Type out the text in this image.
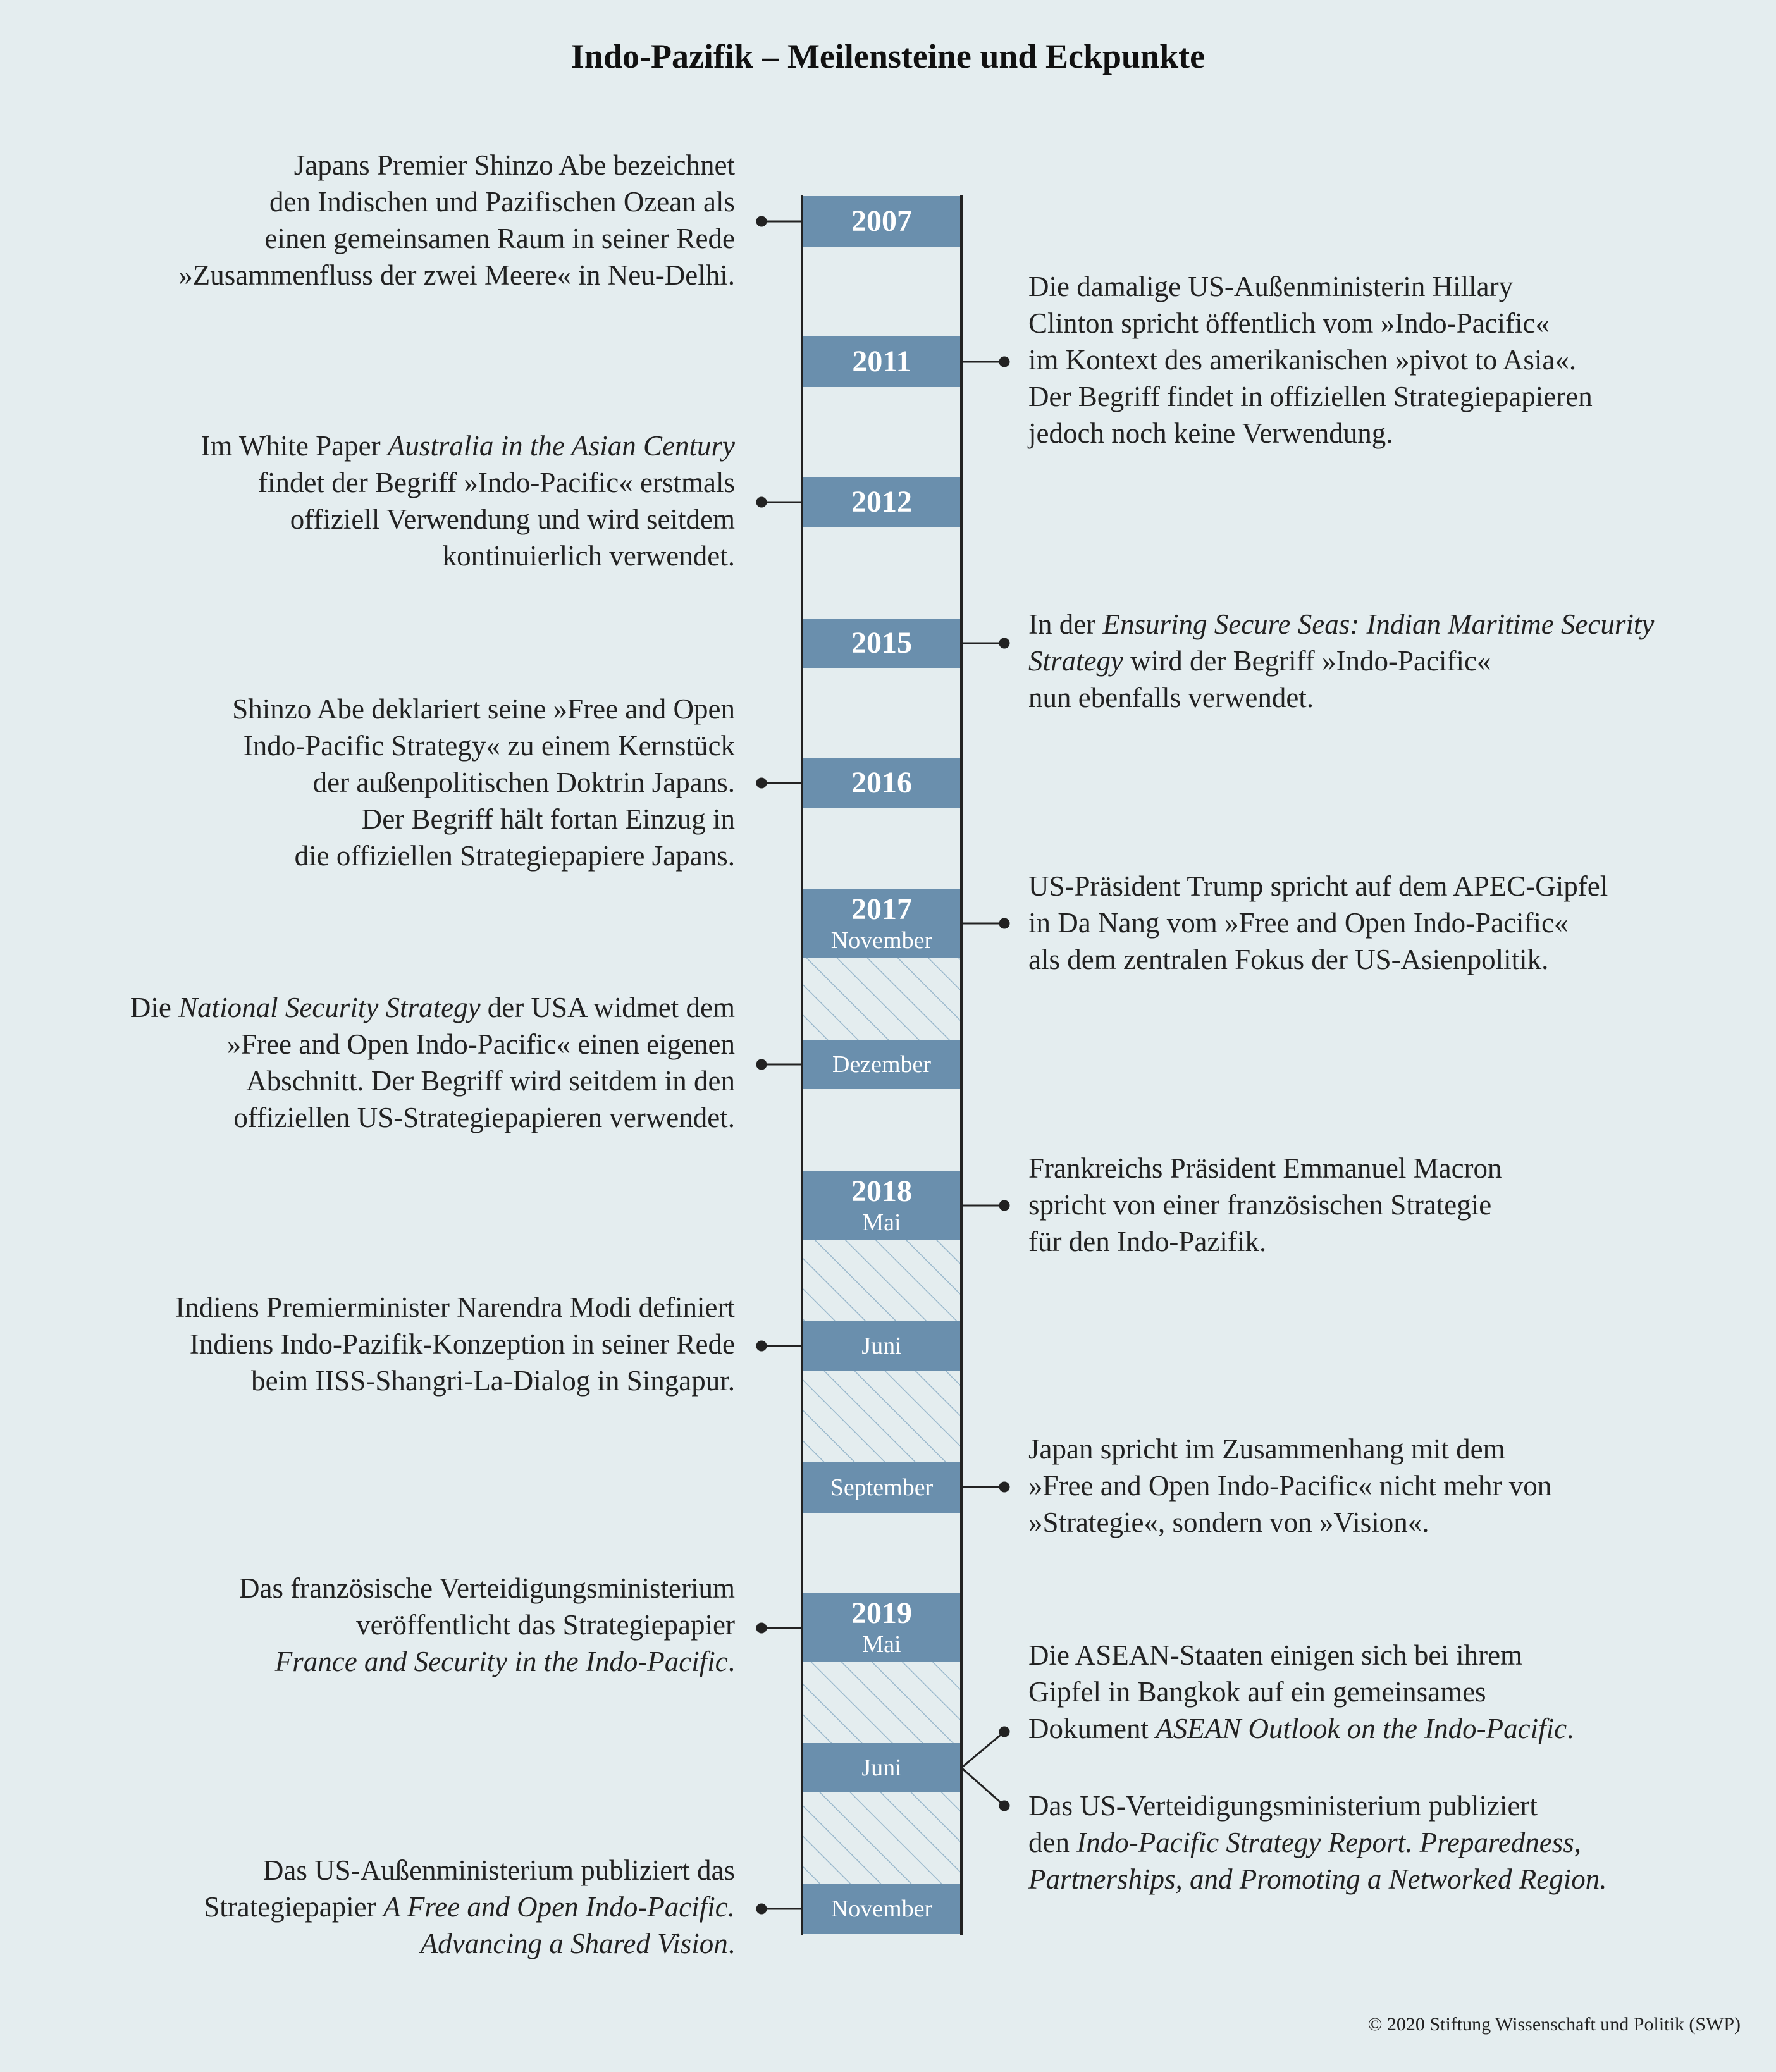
Indo-Pazifik – Meilensteine und Eckpunkte
2007
2011
2012
2015
2016
2017
November
Dezember
2018
Mai
Juni
September
2019
Mai
Juni
November
Japans Premier Shinzo Abe bezeichnet
den Indischen und Pazifischen Ozean als
einen gemeinsamen Raum in seiner Rede
»Zusammenfluss der zwei Meere« in Neu-Delhi.
Im White Paper Australia in the Asian Century
findet der Begriff »Indo-Pacific« erstmals
offiziell Verwendung und wird seitdem
kontinuierlich verwendet.
Shinzo Abe deklariert seine »Free and Open
Indo-Pacific Strategy« zu einem Kernstück
der außenpolitischen Doktrin Japans.
Der Begriff hält fortan Einzug in
die offiziellen Strategiepapiere Japans.
Die National Security Strategy der USA widmet dem
»Free and Open Indo-Pacific« einen eigenen
Abschnitt. Der Begriff wird seitdem in den
offiziellen US-Strategiepapieren verwendet.
Indiens Premierminister Narendra Modi definiert
Indiens Indo-Pazifik-Konzeption in seiner Rede
beim IISS-Shangri-La-Dialog in Singapur.
Das französische Verteidigungsministerium
veröffentlicht das Strategiepapier
France and Security in the Indo-Pacific.
Das US-Außenministerium publiziert das
Strategiepapier A Free and Open Indo-Pacific.
Advancing a Shared Vision.
Die damalige US-Außenministerin Hillary
Clinton spricht öffentlich vom »Indo-Pacific«
im Kontext des amerikanischen »pivot to Asia«.
Der Begriff findet in offiziellen Strategiepapieren
jedoch noch keine Verwendung.
In der Ensuring Secure Seas: Indian Maritime Security
Strategy wird der Begriff »Indo-Pacific«
nun ebenfalls verwendet.
US-Präsident Trump spricht auf dem APEC-Gipfel
in Da Nang vom »Free and Open Indo-Pacific«
als dem zentralen Fokus der US-Asienpolitik.
Frankreichs Präsident Emmanuel Macron
spricht von einer französischen Strategie
für den Indo-Pazifik.
Japan spricht im Zusammenhang mit dem
»Free and Open Indo-Pacific« nicht mehr von
»Strategie«, sondern von »Vision«.
Die ASEAN-Staaten einigen sich bei ihrem
Gipfel in Bangkok auf ein gemeinsames
Dokument ASEAN Outlook on the Indo-Pacific.
Das US-Verteidigungsministerium publiziert
den Indo-Pacific Strategy Report. Preparedness,
Partnerships, and Promoting a Networked Region.
© 2020 Stiftung Wissenschaft und Politik (SWP)
